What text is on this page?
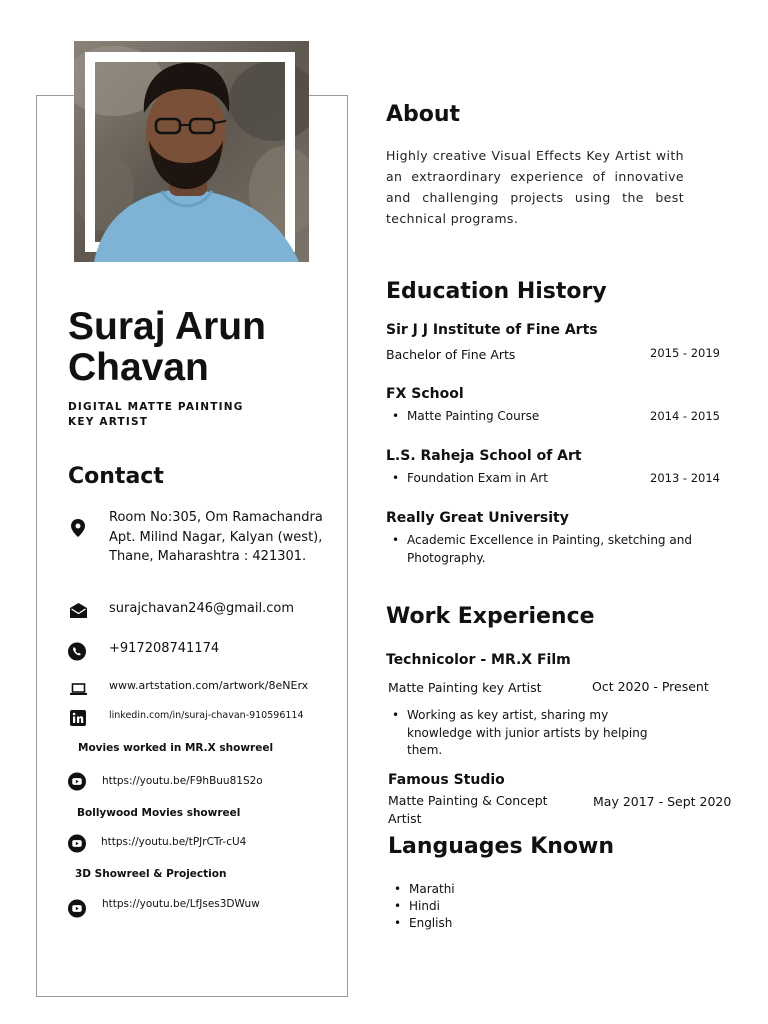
Suraj Arun Chavan
DIGITAL MATTE PAINTING KEY ARTIST
Contact
Room No:305, Om Ramachandra Apt. Milind Nagar, Kalyan (west), Thane, Maharashtra : 421301.
surajchavan246@gmail.com
+917208741174
www.artstation.com/artwork/8eNErx
linkedin.com/in/suraj-chavan-910596114
Movies worked in MR.X showreel
https://youtu.be/F9hBuu81S2o
Bollywood Movies showreel
https://youtu.be/tPJrCTr-cU4
3D Showreel & Projection
https://youtu.be/LfJses3DWuw
About
Highly creative Visual Effects Key Artist with an extraordinary experience of innovative and challenging projects using the best technical programs.
Education History
Sir J J Institute of Fine Arts
Bachelor of Fine Arts	2015 - 2019
FX School
• Matte Painting Course	2014 - 2015
L.S. Raheja School of Art
• Foundation Exam in Art	2013 - 2014
Really Great University
• Academic Excellence in Painting, sketching and Photography.
Work Experience
Technicolor - MR.X Film
Matte Painting key Artist	Oct 2020 - Present
• Working as key artist, sharing my knowledge with junior artists by helping them.
Famous Studio
Matte Painting & Concept Artist
May 2017 - Sept 2020
Languages Known
• Marathi
• Hindi
• English
